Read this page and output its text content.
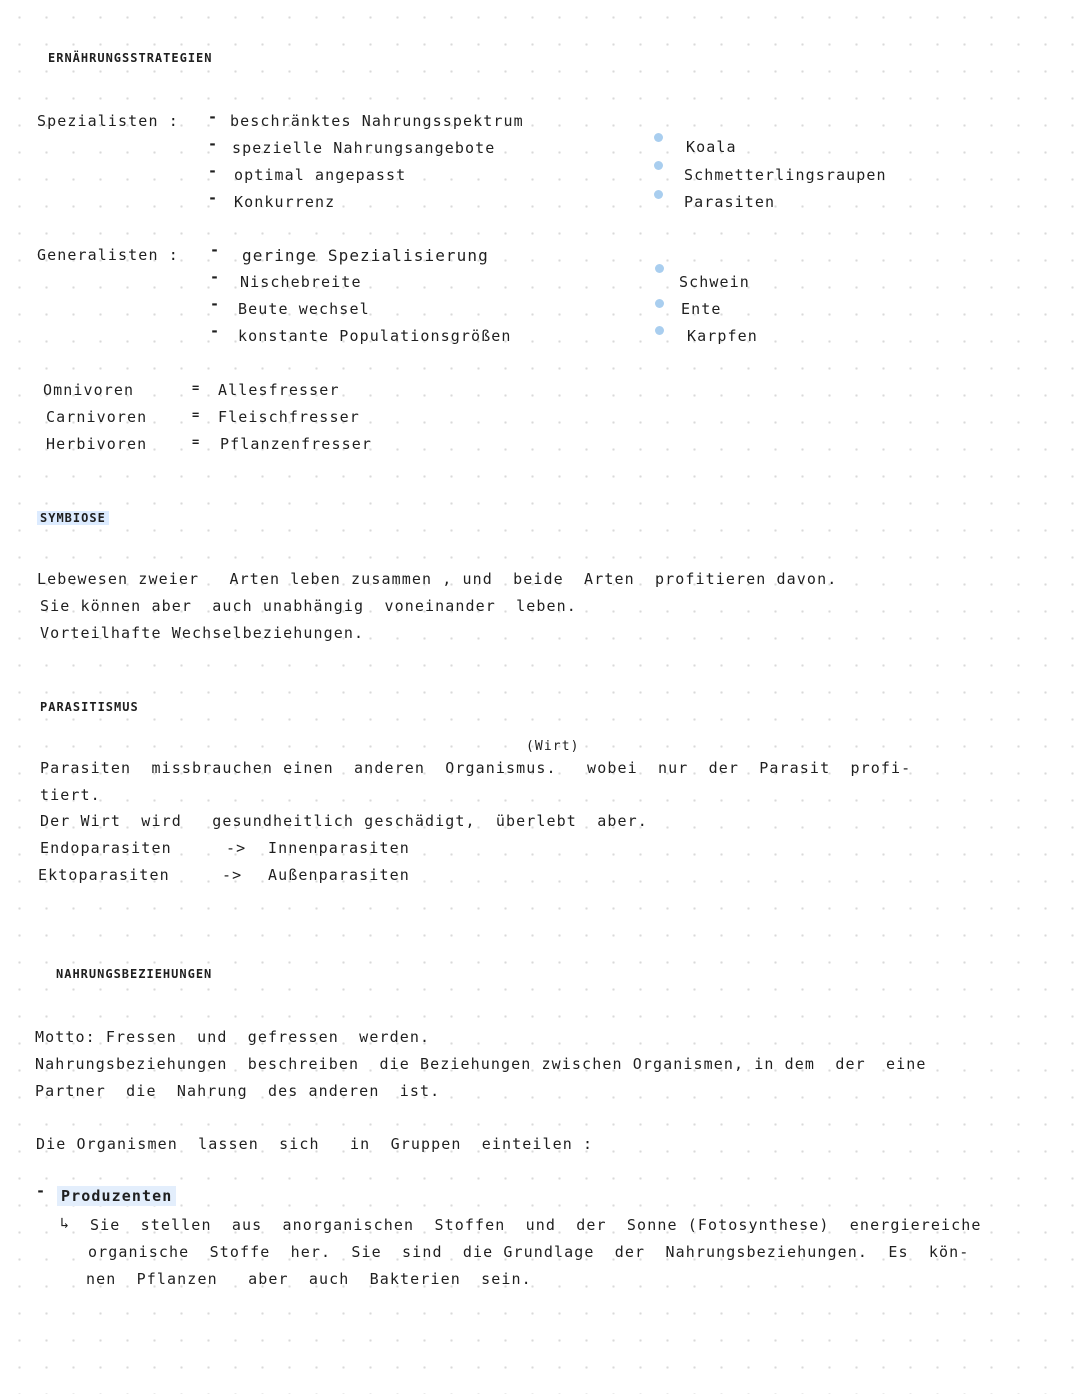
ERNÄHRUNGSSTRATEGIEN
Spezialisten : -
-
-
-
beschränktes Nahrungsspektrum
spezielle Nahrungsangebote
optimal angepasst
Konkurrenz
Koala
Schmetterlingsraupen
Parasiten
Generalisten : -
-
-
-
geringe Spezialisierung
Nischebreite
Beute wechsel
konstante Populationsgrößen
Schwein
Ente
Karpfen
Omnivoren
Carnivoren
Herbivoren
=
=
=
Allesfresser
Fleischfresser
Pflanzenfresser
SYMBIOSE
Lebewesen zweier   Arten leben zusammen , und  beide  Arten  profitieren davon.
Sie können aber  auch unabhängig  voneinander  leben.
Vorteilhafte Wechselbeziehungen.
PARASITISMUS
(Wirt)
Parasiten  missbrauchen einen  anderen  Organismus.   wobei  nur  der  Parasit  profi-
tiert.
Der Wirt  wird   gesundheitlich geschädigt,  überlebt  aber.
Endoparasiten	-> Innenparasiten
Ektoparasiten	-> Außenparasiten
NAHRUNGSBEZIEHUNGEN
Motto: Fressen  und  gefressen  werden.
Nahrungsbeziehungen  beschreiben  die Beziehungen zwischen Organismen, in dem  der  eine
Partner  die  Nahrung  des anderen  ist.
Die Organismen  lassen  sich   in  Gruppen  einteilen :
- Produzenten
↳ Sie  stellen  aus  anorganischen  Stoffen  und  der  Sonne (Fotosynthese)  energiereiche
organische  Stoffe  her.  Sie  sind  die Grundlage  der  Nahrungsbeziehungen.  Es  kön-
nen  Pflanzen   aber  auch  Bakterien  sein.
